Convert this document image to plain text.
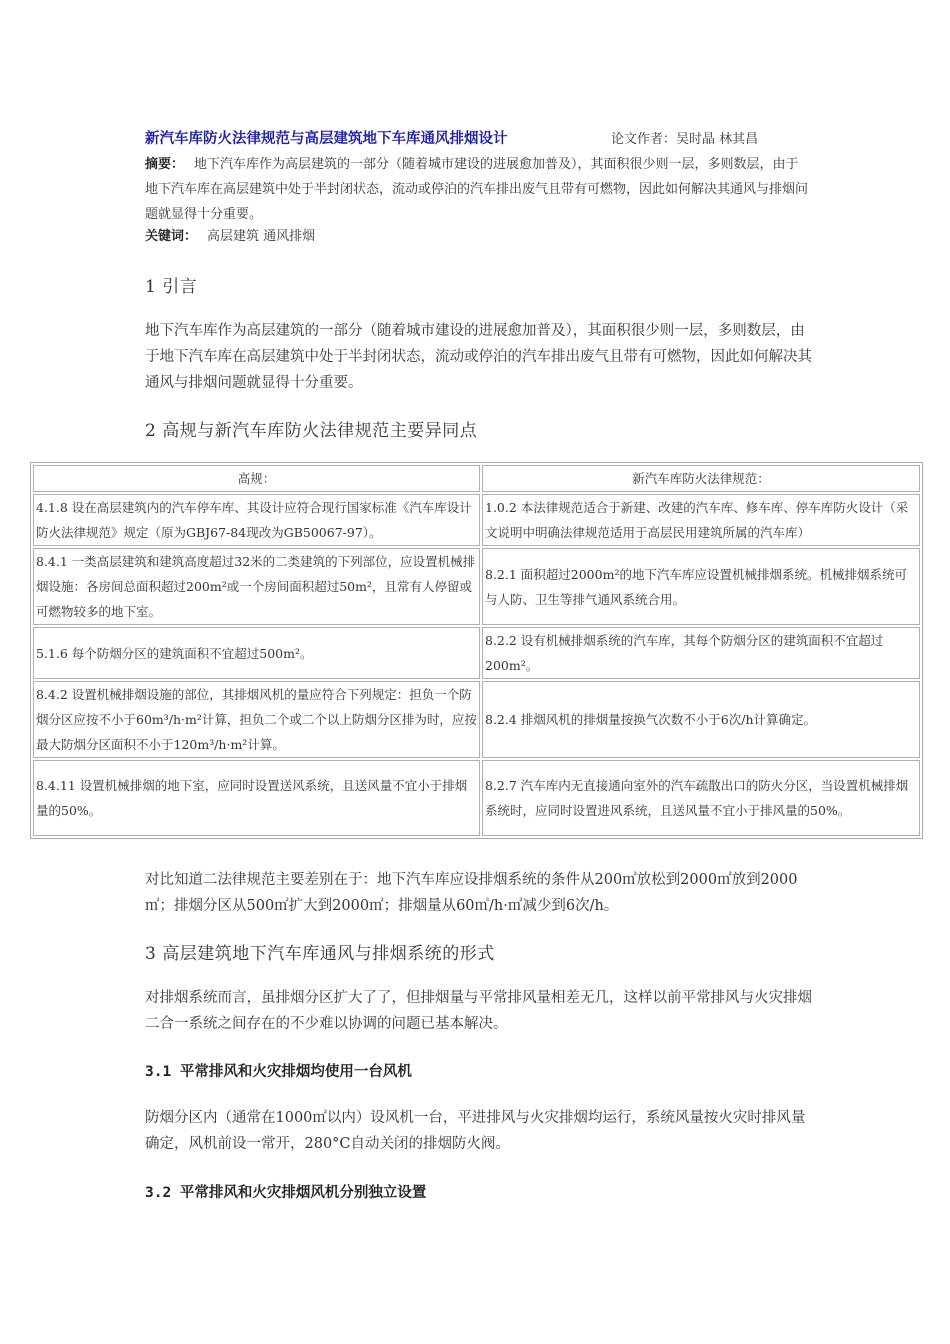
新汽车库防火法律规范与高层建筑地下车库通风排烟设计	论文作者：吴时晶 林其昌
摘要： 地下汽车库作为高层建筑的一部分（随着城市建设的进展愈加普及），其面积很少则一层，多则数层，由于地下汽车库在高层建筑中处于半封闭状态，流动或停泊的汽车排出废气且带有可燃物，因此如何解决其通风与排烟问题就显得十分重要。
关键词： 高层建筑 通风排烟
1 引言
地下汽车库作为高层建筑的一部分（随着城市建设的进展愈加普及），其面积很少则一层，多则数层，由于地下汽车库在高层建筑中处于半封闭状态，流动或停泊的汽车排出废气且带有可燃物，因此如何解决其通风与排烟问题就显得十分重要。
2 高规与新汽车库防火法律规范主要异同点
高规：	新汽车库防火法律规范：
4.1.8 设在高层建筑内的汽车停车库、其设计应符合现行国家标准《汽车库设计防火法律规范》规定（原为GBJ67-84现改为GB50067-97）。	1.0.2 本法律规范适合于新建、改建的汽车库、修车库、停车库防火设计（采文说明中明确法律规范适用于高层民用建筑所属的汽车库）
8.4.1 一类高层建筑和建筑高度超过32米的二类建筑的下列部位，应设置机械排烟设施：各房间总面积超过200m²或一个房间面积超过50m²，且常有人停留或可燃物较多的地下室。	8.2.1 面积超过2000m²的地下汽车库应设置机械排烟系统。机械排烟系统可与人防、卫生等排气通风系统合用。
5.1.6 每个防烟分区的建筑面积不宜超过500m²。	8.2.2 设有机械排烟系统的汽车库，其每个防烟分区的建筑面积不宜超过200m²。
8.4.2 设置机械排烟设施的部位，其排烟风机的量应符合下列规定：担负一个防烟分区应按不小于60m³/h·m²计算，担负二个或二个以上防烟分区排为时，应按最大防烟分区面积不小于120m³/h·m²计算。	8.2.4 排烟风机的排烟量按换气次数不小于6次/h计算确定。
8.4.11 设置机械排烟的地下室，应同时设置送风系统，且送风量不宜小于排烟量的50%。	8.2.7 汽车库内无直接通向室外的汽车疏散出口的防火分区，当设置机械排烟系统时，应同时设置进风系统，且送风量不宜小于排风量的50%。
对比知道二法律规范主要差别在于：地下汽车库应设排烟系统的条件从200㎡放松到2000㎡放到2000㎡；排烟分区从500㎡扩大到2000㎡；排烟量从60㎥/h·㎡减少到6次/h。
3 高层建筑地下汽车库通风与排烟系统的形式
对排烟系统而言，虽排烟分区扩大了了，但排烟量与平常排风量相差无几，这样以前平常排风与火灾排烟二合一系统之间存在的不少难以协调的问题已基本解决。
3.1 平常排风和火灾排烟均使用一台风机
防烟分区内（通常在1000㎡以内）设风机一台，平进排风与火灾排烟均运行，系统风量按火灾时排风量确定，风机前设一常开，280°C自动关闭的排烟防火阀。
3.2 平常排风和火灾排烟风机分别独立设置
